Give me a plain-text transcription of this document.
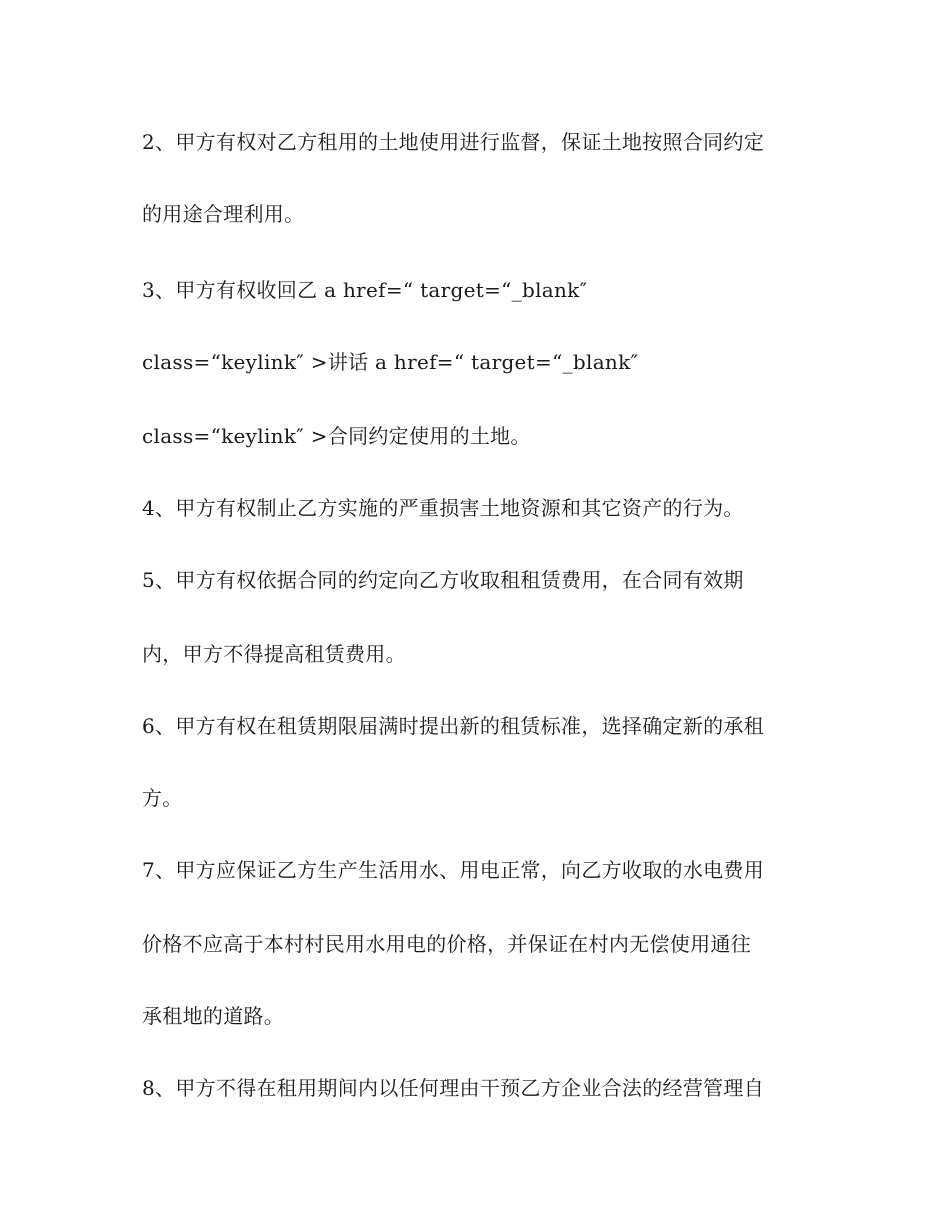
2、甲方有权对乙方租用的土地使用进行监督，保证土地按照合同约定

的用途合理利用。

3、甲方有权收回乙 a href=“ target=“_blank″

class=“keylink″ >讲话 a href=“ target=“_blank″

class=“keylink″ >合同约定使用的土地。

4、甲方有权制止乙方实施的严重损害土地资源和其它资产的行为。

5、甲方有权依据合同的约定向乙方收取租租赁费用，在合同有效期

内，甲方不得提高租赁费用。

6、甲方有权在租赁期限届满时提出新的租赁标准，选择确定新的承租

方。

7、甲方应保证乙方生产生活用水、用电正常，向乙方收取的水电费用

价格不应高于本村村民用水用电的价格，并保证在村内无偿使用通往

承租地的道路。

8、甲方不得在租用期间内以任何理由干预乙方企业合法的经营管理自
